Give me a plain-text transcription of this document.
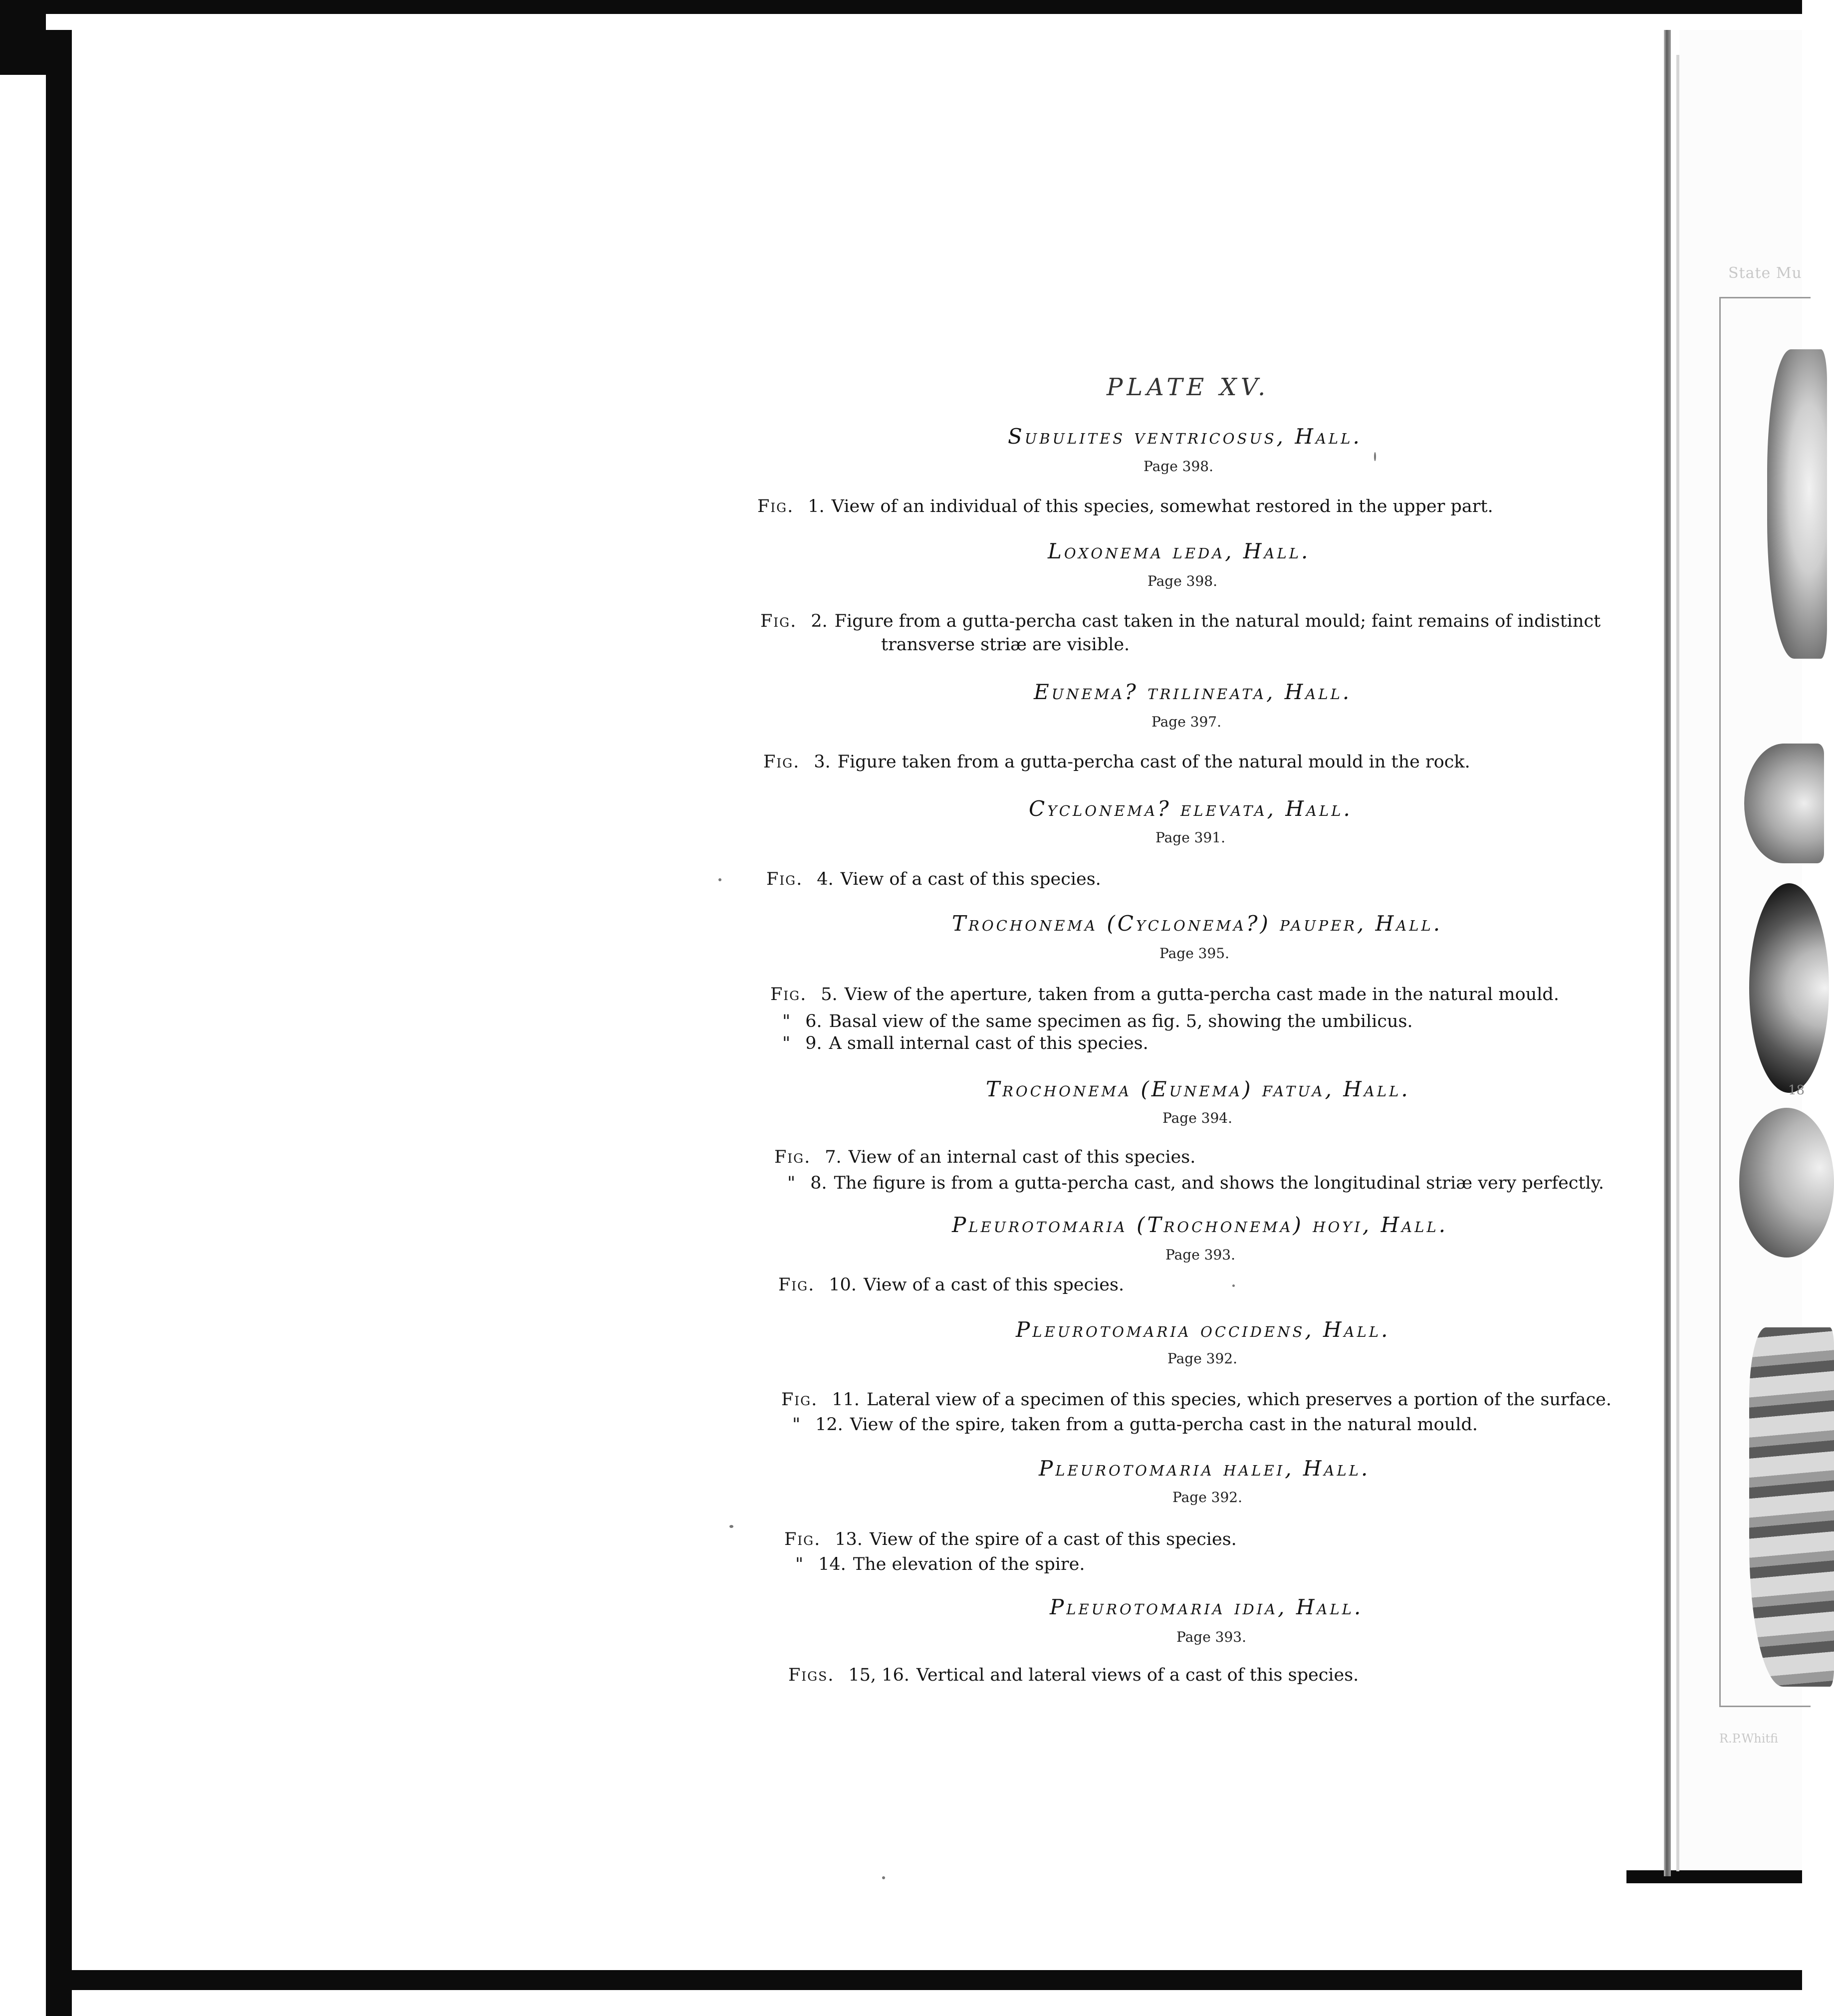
State Mu
18
R.P.Whitfi
PLATE XV.
Subulites ventricosus, Hall.
Page 398.
Fig. 1. View of an individual of this species, somewhat restored in the upper part.
Loxonema leda, Hall.
Page 398.
Fig. 2. Figure from a gutta-percha cast taken in the natural mould; faint remains of indistinct
transverse striæ are visible.
Eunema? trilineata, Hall.
Page 397.
Fig. 3. Figure taken from a gutta-percha cast of the natural mould in the rock.
Cyclonema? elevata, Hall.
Page 391.
Fig. 4. View of a cast of this species.
Trochonema (Cyclonema?) pauper, Hall.
Page 395.
Fig. 5. View of the aperture, taken from a gutta-percha cast made in the natural mould.
" 6. Basal view of the same specimen as fig. 5, showing the umbilicus.
" 9. A small internal cast of this species.
Trochonema (Eunema) fatua, Hall.
Page 394.
Fig. 7. View of an internal cast of this species.
" 8. The figure is from a gutta-percha cast, and shows the longitudinal striæ very perfectly.
Pleurotomaria (Trochonema) hoyi, Hall.
Page 393.
Fig. 10. View of a cast of this species.
Pleurotomaria occidens, Hall.
Page 392.
Fig. 11. Lateral view of a specimen of this species, which preserves a portion of the surface.
" 12. View of the spire, taken from a gutta-percha cast in the natural mould.
Pleurotomaria halei, Hall.
Page 392.
Fig. 13. View of the spire of a cast of this species.
" 14. The elevation of the spire.
Pleurotomaria idia, Hall.
Page 393.
Figs. 15, 16. Vertical and lateral views of a cast of this species.
